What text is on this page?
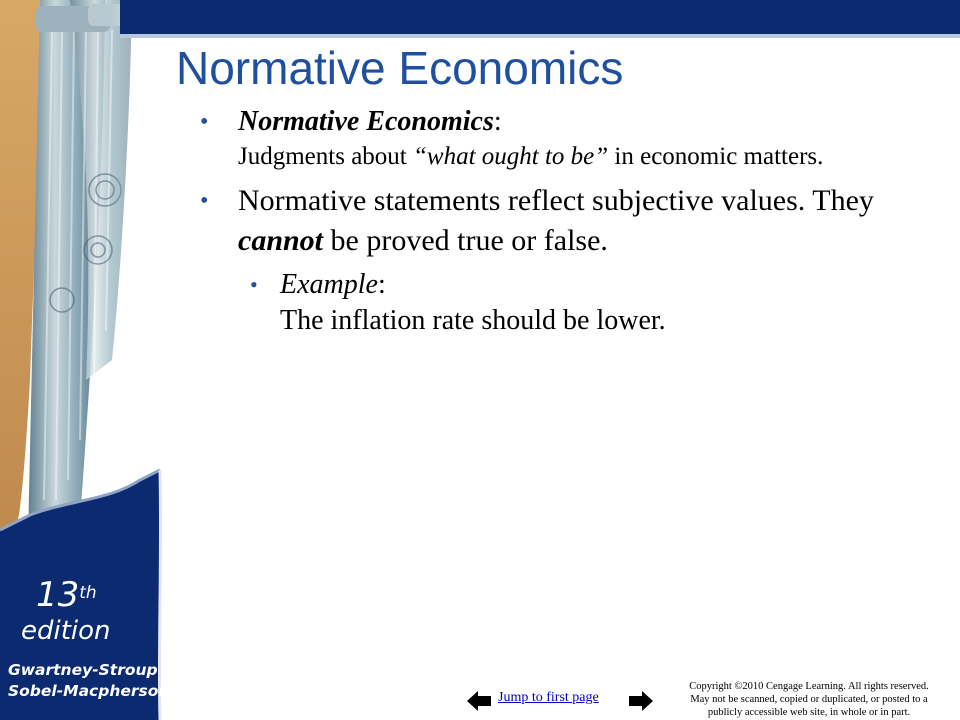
13th
edition
Gwartney-Stroup
Sobel-Macpherson
Normative Economics
• Normative Economics:
Judgments about “what ought to be” in economic matters.
• Normative statements reflect subjective values. They cannot be proved true or false.
• Example:
The inflation rate should be lower.
Jump to first page
Copyright ©2010 Cengage Learning. All rights reserved.
May not be scanned, copied or duplicated, or posted to a
publicly accessible web site, in whole or in part.
